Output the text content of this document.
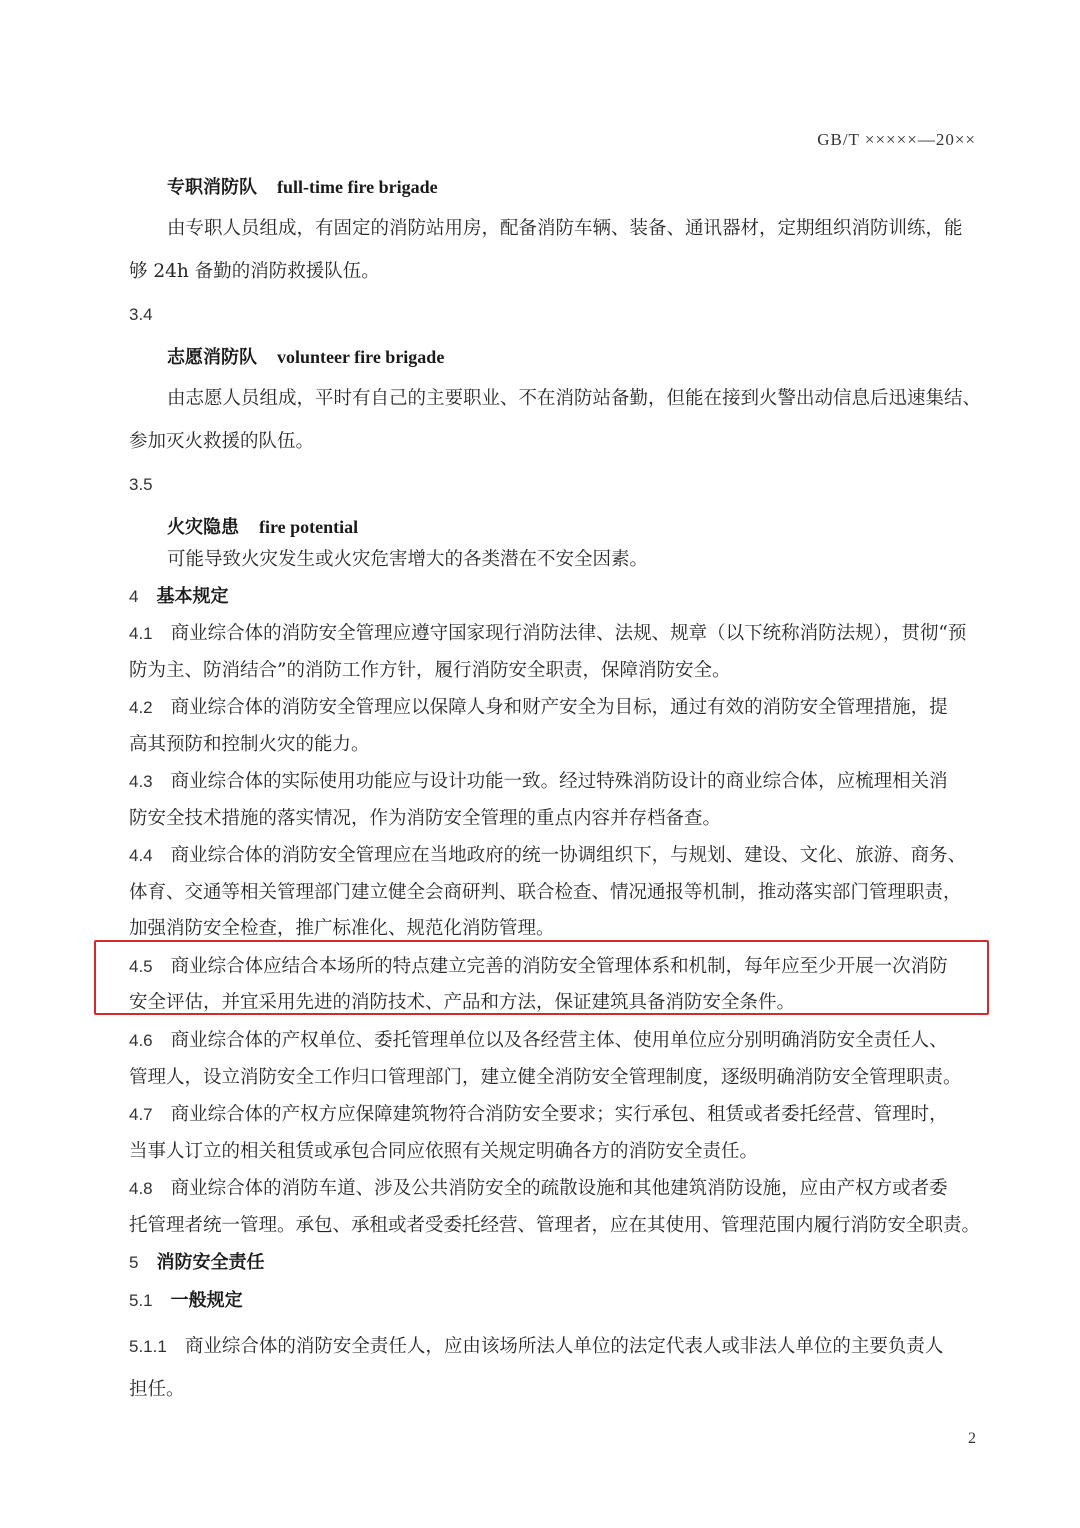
GB/T ×××××—20××
专职消防队 full-time fire brigade
由专职人员组成，有固定的消防站用房，配备消防车辆、装备、通讯器材，定期组织消防训练，能
够 24h 备勤的消防救援队伍。
3.4
志愿消防队 volunteer fire brigade
由志愿人员组成，平时有自己的主要职业、不在消防站备勤，但能在接到火警出动信息后迅速集结、
参加灭火救援的队伍。
3.5
火灾隐患 fire potential
可能导致火灾发生或火灾危害增大的各类潜在不安全因素。
4 基本规定
4.1 商业综合体的消防安全管理应遵守国家现行消防法律、法规、规章（以下统称消防法规），贯彻“预
防为主、防消结合”的消防工作方针，履行消防安全职责，保障消防安全。
4.2 商业综合体的消防安全管理应以保障人身和财产安全为目标，通过有效的消防安全管理措施，提
高其预防和控制火灾的能力。
4.3 商业综合体的实际使用功能应与设计功能一致。经过特殊消防设计的商业综合体，应梳理相关消
防安全技术措施的落实情况，作为消防安全管理的重点内容并存档备查。
4.4 商业综合体的消防安全管理应在当地政府的统一协调组织下，与规划、建设、文化、旅游、商务、
体育、交通等相关管理部门建立健全会商研判、联合检查、情况通报等机制，推动落实部门管理职责，
加强消防安全检查，推广标准化、规范化消防管理。
4.5 商业综合体应结合本场所的特点建立完善的消防安全管理体系和机制，每年应至少开展一次消防
安全评估，并宜采用先进的消防技术、产品和方法，保证建筑具备消防安全条件。
4.6 商业综合体的产权单位、委托管理单位以及各经营主体、使用单位应分别明确消防安全责任人、
管理人，设立消防安全工作归口管理部门，建立健全消防安全管理制度，逐级明确消防安全管理职责。
4.7 商业综合体的产权方应保障建筑物符合消防安全要求；实行承包、租赁或者委托经营、管理时，
当事人订立的相关租赁或承包合同应依照有关规定明确各方的消防安全责任。
4.8 商业综合体的消防车道、涉及公共消防安全的疏散设施和其他建筑消防设施，应由产权方或者委
托管理者统一管理。承包、承租或者受委托经营、管理者，应在其使用、管理范围内履行消防安全职责。
5 消防安全责任
5.1 一般规定
5.1.1 商业综合体的消防安全责任人，应由该场所法人单位的法定代表人或非法人单位的主要负责人
担任。
2
